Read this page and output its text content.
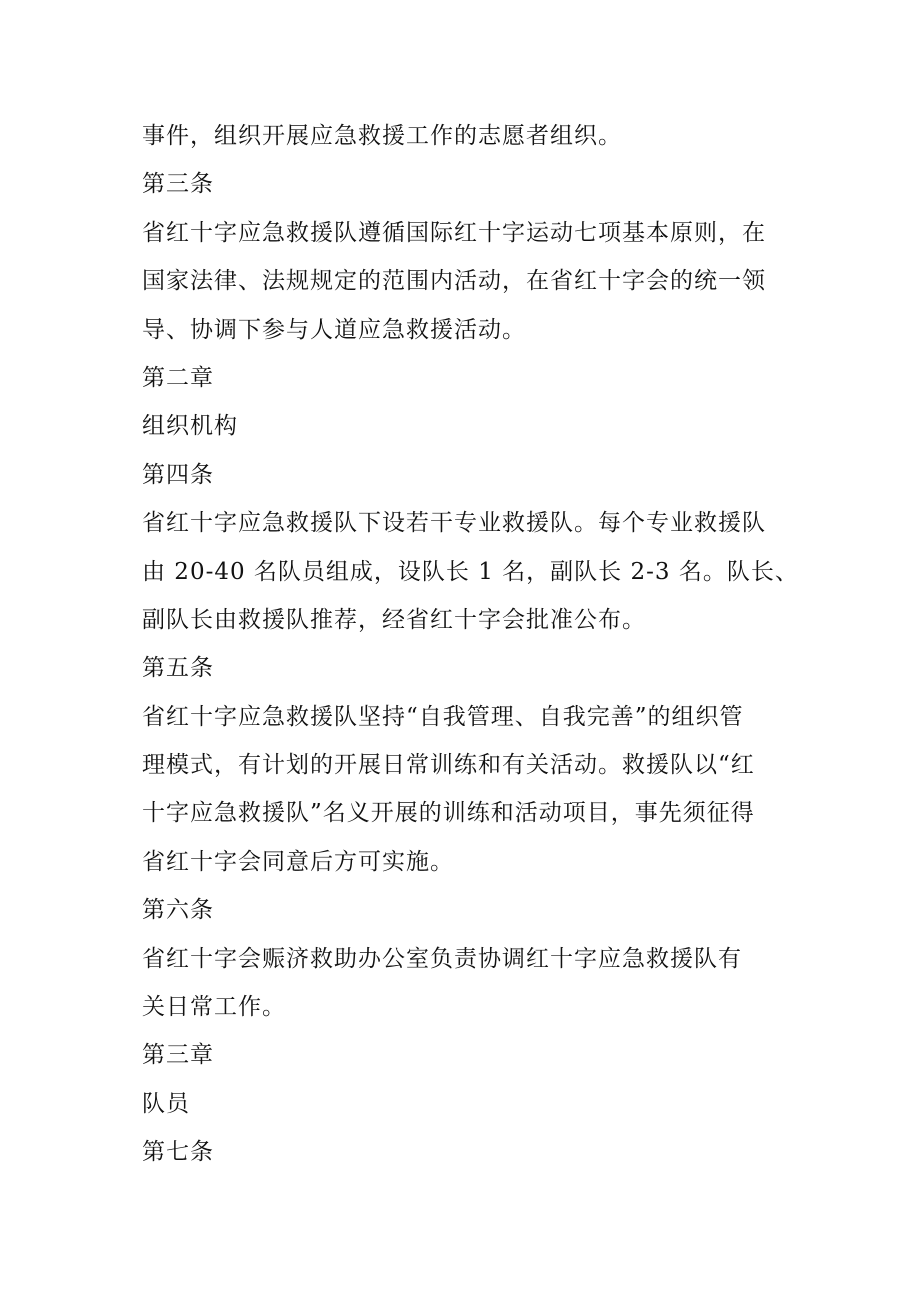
事件，组织开展应急救援工作的志愿者组织。
第三条
省红十字应急救援队遵循国际红十字运动七项基本原则，在
国家法律、法规规定的范围内活动，在省红十字会的统一领
导、协调下参与人道应急救援活动。
第二章
组织机构
第四条
省红十字应急救援队下设若干专业救援队。每个专业救援队
由 20-40 名队员组成，设队长 1 名，副队长 2-3 名。队长、
副队长由救援队推荐，经省红十字会批准公布。
第五条
省红十字应急救援队坚持“自我管理、自我完善”的组织管
理模式，有计划的开展日常训练和有关活动。救援队以“红
十字应急救援队”名义开展的训练和活动项目，事先须征得
省红十字会同意后方可实施。
第六条
省红十字会赈济救助办公室负责协调红十字应急救援队有
关日常工作。
第三章
队员
第七条
